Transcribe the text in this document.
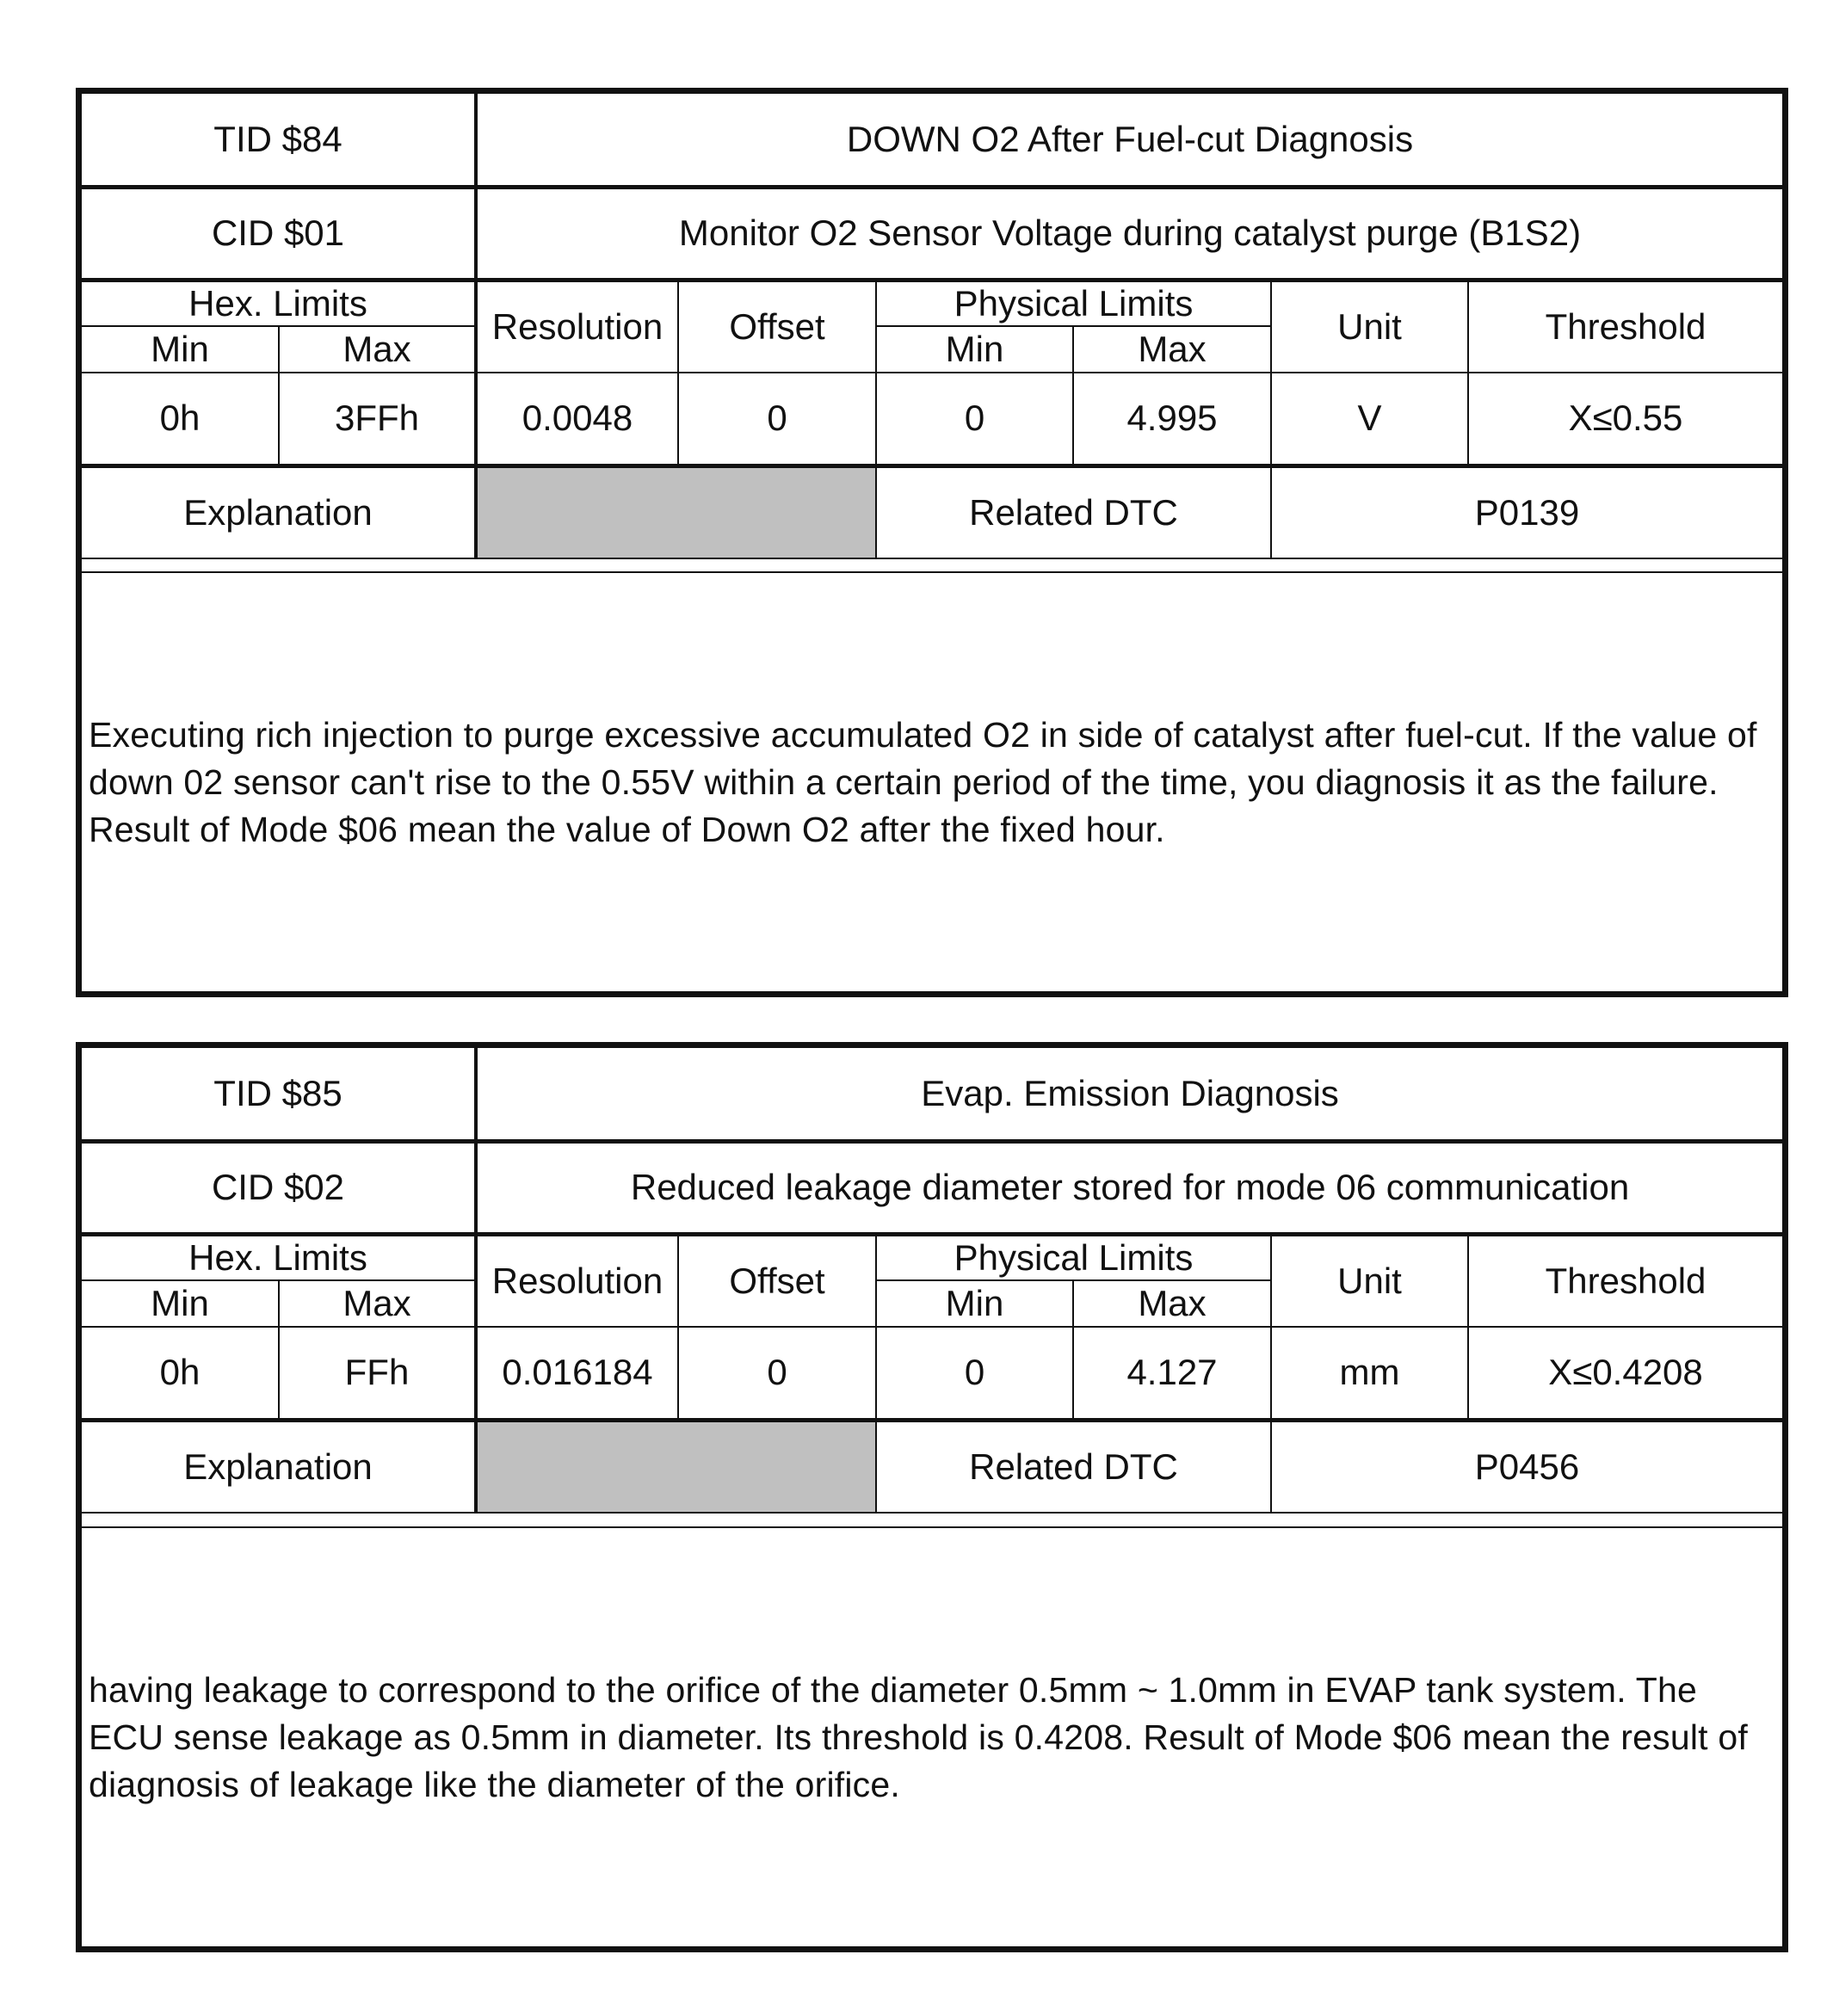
TID $84		DOWN O2 After Fuel-cut Diagnosis					
CID $01		Monitor O2 Sensor Voltage during catalyst purge (B1S2)					
Hex. Limits		Resolution	Offset	Physical Limits		Unit	Threshold
Min	Max			Min	Max		
0h	3FFh	0.0048	0	0	4.995	V	X≤0.55
Explanation				Related DTC		P0139	

Executing rich injection to purge excessive accumulated O2 in side of catalyst after fuel-cut. If the value of down 02 sensor can't rise to the 0.55V within a certain period of the time, you diagnosis it as the failure. Result of Mode $06 mean the value of Down O2 after the fixed hour.

TID $85		Evap. Emission Diagnosis					
CID $02		Reduced leakage diameter stored for mode 06 communication					
Hex. Limits		Resolution	Offset	Physical Limits		Unit	Threshold
Min	Max			Min	Max		
0h	FFh	0.016184	0	0	4.127	mm	X≤0.4208
Explanation				Related DTC		P0456	

having leakage to correspond to the orifice of the diameter 0.5mm ~ 1.0mm in EVAP tank system. The ECU sense leakage as 0.5mm in diameter. Its threshold is 0.4208. Result of Mode $06 mean the result of diagnosis of leakage like the diameter of the orifice.
